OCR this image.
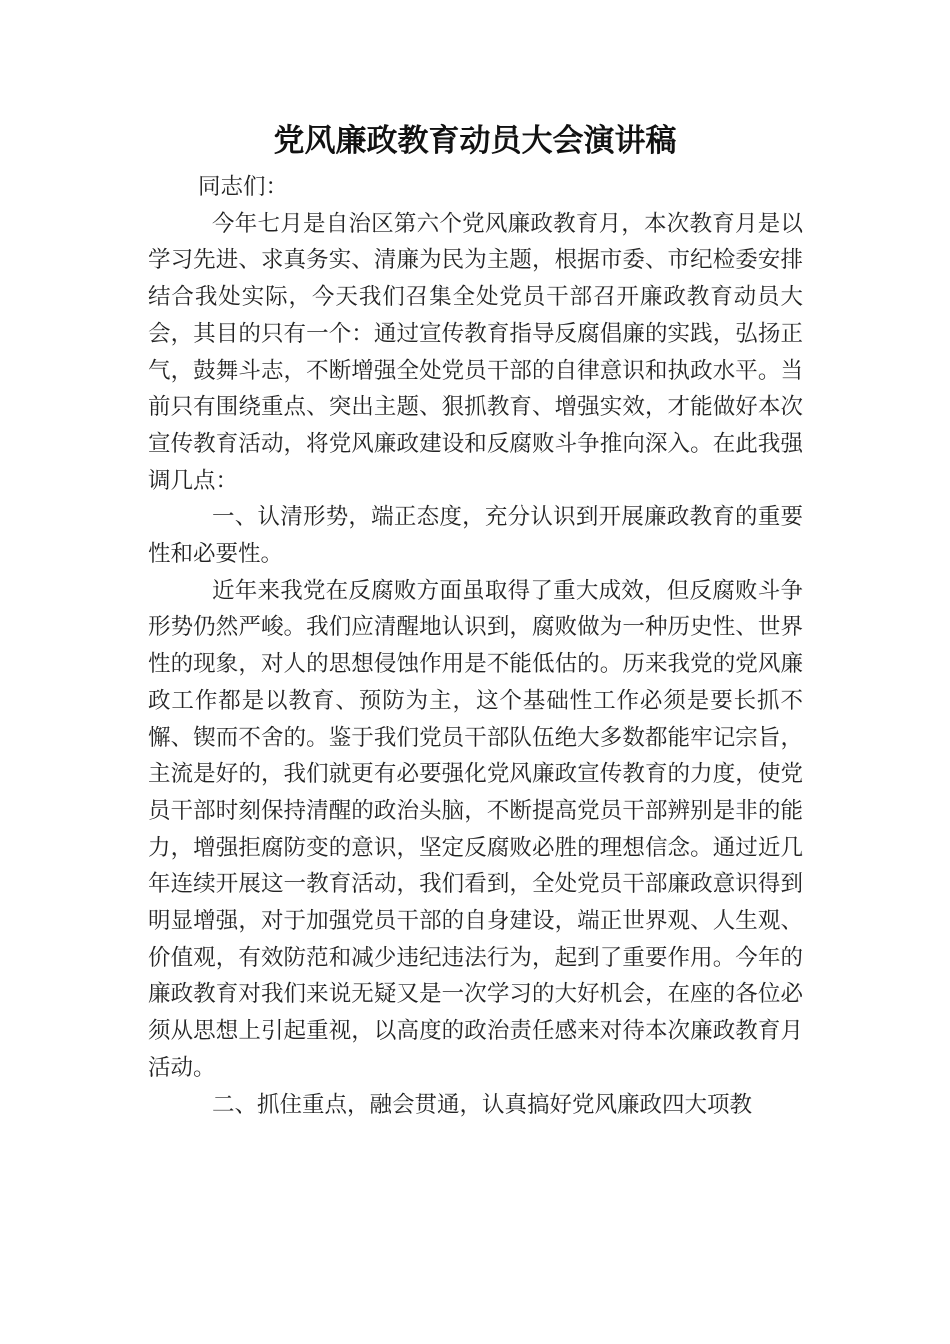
党风廉政教育动员大会演讲稿

同志们：

今年七月是自治区第六个党风廉政教育月，本次教育月是以学习先进、求真务实、清廉为民为主题，根据市委、市纪检委安排结合我处实际，今天我们召集全处党员干部召开廉政教育动员大会，其目的只有一个：通过宣传教育指导反腐倡廉的实践，弘扬正气，鼓舞斗志，不断增强全处党员干部的自律意识和执政水平。当前只有围绕重点、突出主题、狠抓教育、增强实效，才能做好本次宣传教育活动，将党风廉政建设和反腐败斗争推向深入。在此我强调几点：

一、认清形势，端正态度，充分认识到开展廉政教育的重要性和必要性。

近年来我党在反腐败方面虽取得了重大成效，但反腐败斗争形势仍然严峻。我们应清醒地认识到，腐败做为一种历史性、世界性的现象，对人的思想侵蚀作用是不能低估的。历来我党的党风廉政工作都是以教育、预防为主，这个基础性工作必须是要长抓不懈、锲而不舍的。鉴于我们党员干部队伍绝大多数都能牢记宗旨，主流是好的，我们就更有必要强化党风廉政宣传教育的力度，使党员干部时刻保持清醒的政治头脑，不断提高党员干部辨别是非的能力，增强拒腐防变的意识，坚定反腐败必胜的理想信念。通过近几年连续开展这一教育活动，我们看到，全处党员干部廉政意识得到明显增强，对于加强党员干部的自身建设，端正世界观、人生观、价值观，有效防范和减少违纪违法行为，起到了重要作用。今年的廉政教育对我们来说无疑又是一次学习的大好机会，在座的各位必须从思想上引起重视，以高度的政治责任感来对待本次廉政教育月活动。

二、抓住重点，融会贯通，认真搞好党风廉政四大项教
